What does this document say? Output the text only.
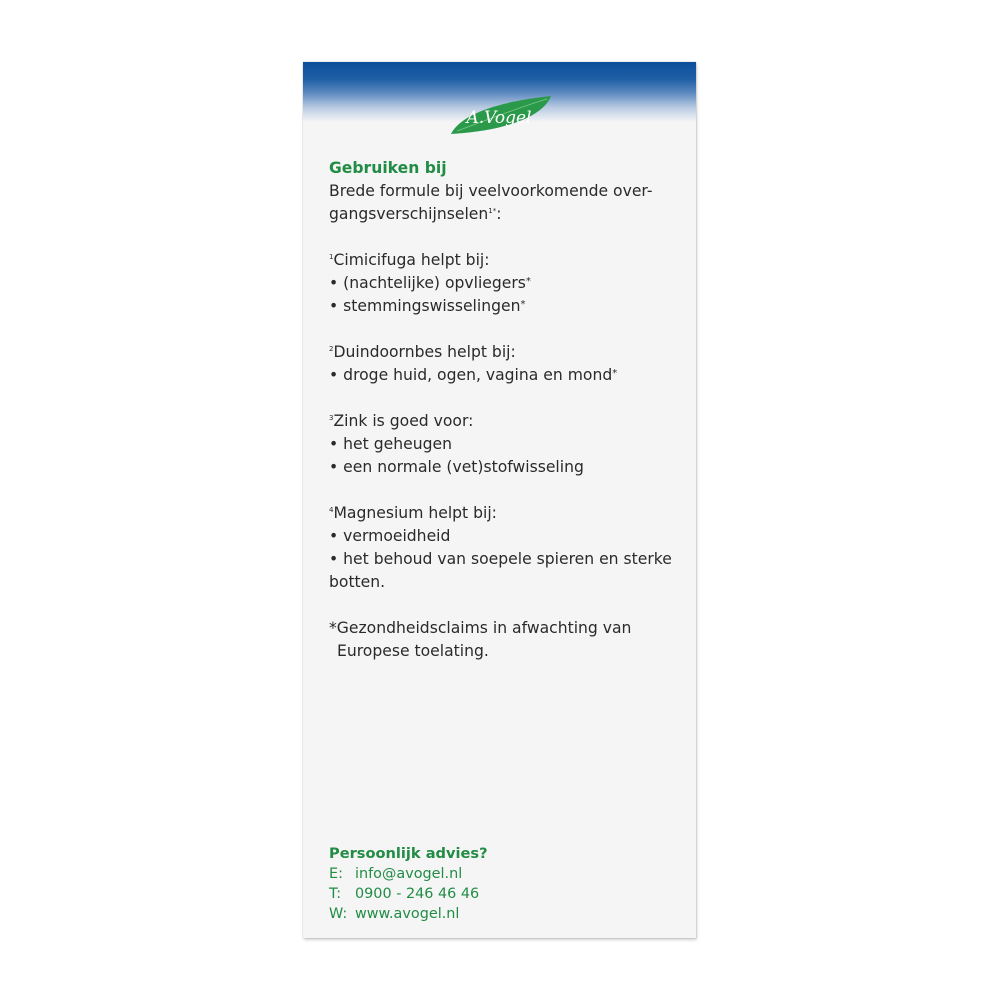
A.Vogel
Gebruiken bij
Brede formule bij veelvoorkomende over-
gangsverschijnselen$^{1*}$:
$^1$Cimicifuga helpt bij:
• (nachtelijke) opvliegers*
• stemmingswisselingen*
$^2$Duindoornbes helpt bij:
• droge huid, ogen, vagina en mond*
$^3$Zink is goed voor:
• het geheugen
• een normale (vet)stofwisseling
$^4$Magnesium helpt bij:
• vermoeidheid
• het behoud van soepele spieren en sterke botten.
*Gezondheidsclaims in afwachting van
Europese toelating.
Persoonlijk advies?
E: info@avogel.nl
T: 0900 - 246 46 46
W: www.avogel.nl
